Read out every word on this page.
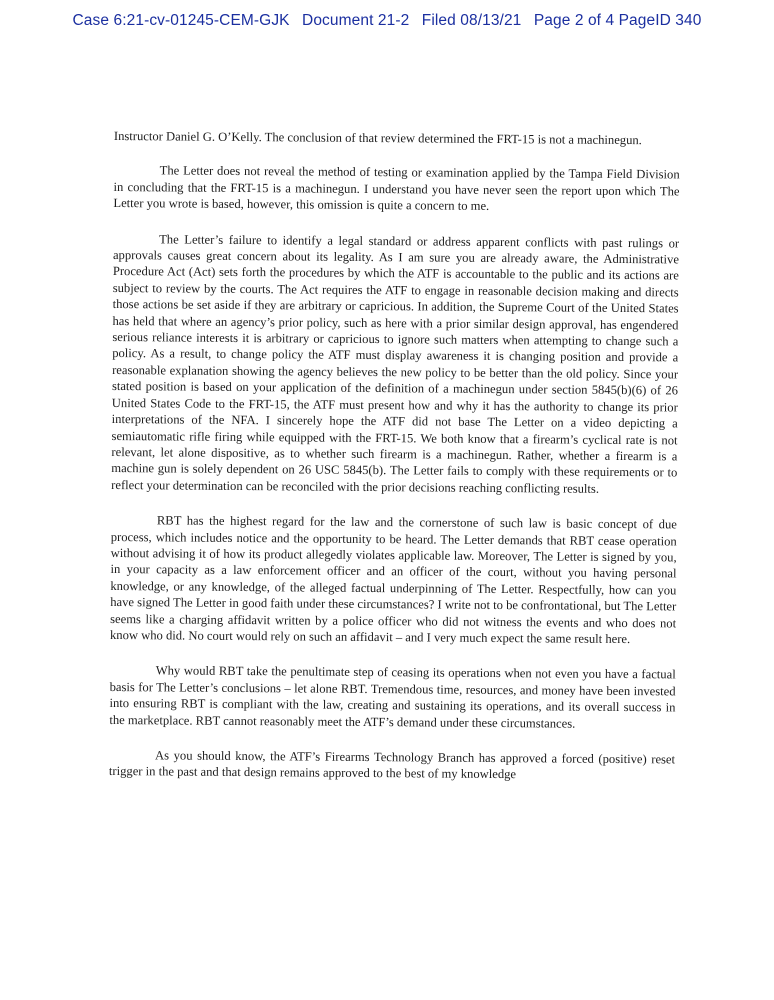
Case 6:21-cv-01245-CEM-GJK Document 21-2 Filed 08/13/21 Page 2 of 4 PageID 340

Instructor Daniel G. O’Kelly. The conclusion of that review determined the FRT-15 is not a machinegun.

The Letter does not reveal the method of testing or examination applied by the Tampa Field Division in concluding that the FRT-15 is a machinegun. I understand you have never seen the report upon which The Letter you wrote is based, however, this omission is quite a concern to me.

The Letter’s failure to identify a legal standard or address apparent conflicts with past rulings or approvals causes great concern about its legality. As I am sure you are already aware, the Administrative Procedure Act (Act) sets forth the procedures by which the ATF is accountable to the public and its actions are subject to review by the courts. The Act requires the ATF to engage in reasonable decision making and directs those actions be set aside if they are arbitrary or capricious. In addition, the Supreme Court of the United States has held that where an agency’s prior policy, such as here with a prior similar design approval, has engendered serious reliance interests it is arbitrary or capricious to ignore such matters when attempting to change such a policy. As a result, to change policy the ATF must display awareness it is changing position and provide a reasonable explanation showing the agency believes the new policy to be better than the old policy. Since your stated position is based on your application of the definition of a machinegun under section 5845(b)(6) of 26 United States Code to the FRT-15, the ATF must present how and why it has the authority to change its prior interpretations of the NFA. I sincerely hope the ATF did not base The Letter on a video depicting a semiautomatic rifle firing while equipped with the FRT-15. We both know that a firearm’s cyclical rate is not relevant, let alone dispositive, as to whether such firearm is a machinegun. Rather, whether a firearm is a machine gun is solely dependent on 26 USC 5845(b). The Letter fails to comply with these requirements or to reflect your determination can be reconciled with the prior decisions reaching conflicting results.

RBT has the highest regard for the law and the cornerstone of such law is basic concept of due process, which includes notice and the opportunity to be heard. The Letter demands that RBT cease operation without advising it of how its product allegedly violates applicable law. Moreover, The Letter is signed by you, in your capacity as a law enforcement officer and an officer of the court, without you having personal knowledge, or any knowledge, of the alleged factual underpinning of The Letter. Respectfully, how can you have signed The Letter in good faith under these circumstances? I write not to be confrontational, but The Letter seems like a charging affidavit written by a police officer who did not witness the events and who does not know who did. No court would rely on such an affidavit – and I very much expect the same result here.

Why would RBT take the penultimate step of ceasing its operations when not even you have a factual basis for The Letter’s conclusions – let alone RBT. Tremendous time, resources, and money have been invested into ensuring RBT is compliant with the law, creating and sustaining its operations, and its overall success in the marketplace. RBT cannot reasonably meet the ATF’s demand under these circumstances.

As you should know, the ATF’s Firearms Technology Branch has approved a forced (positive) reset trigger in the past and that design remains approved to the best of my knowledge
